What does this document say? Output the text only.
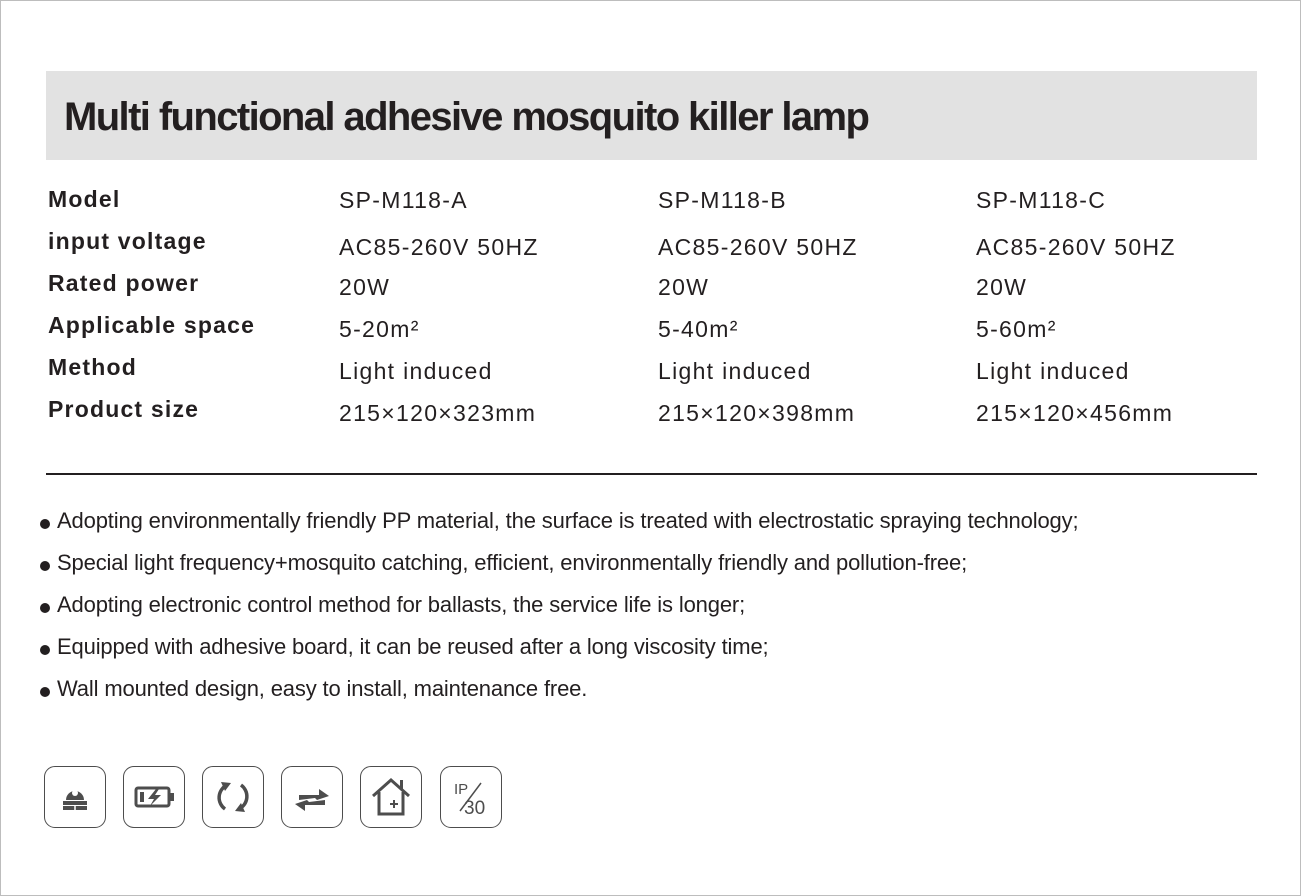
Multi functional adhesive mosquito killer lamp
Model	SP-M118-A	SP-M118-B	SP-M118-C
input voltage	AC85-260V 50HZ	AC85-260V 50HZ	AC85-260V 50HZ
Rated power	20W	20W	20W
Applicable space	5-20m²	5-40m²	5-60m²
Method	Light induced	Light induced	Light induced
Product size	215×120×323mm	215×120×398mm	215×120×456mm
Adopting environmentally friendly PP material, the surface is treated with electrostatic spraying technology;
Special light frequency+mosquito catching, efficient, environmentally friendly and pollution-free;
Adopting electronic control method for ballasts, the service life is longer;
Equipped with adhesive board, it can be reused after a long viscosity time;
Wall mounted design, easy to install, maintenance free.
IP
30
